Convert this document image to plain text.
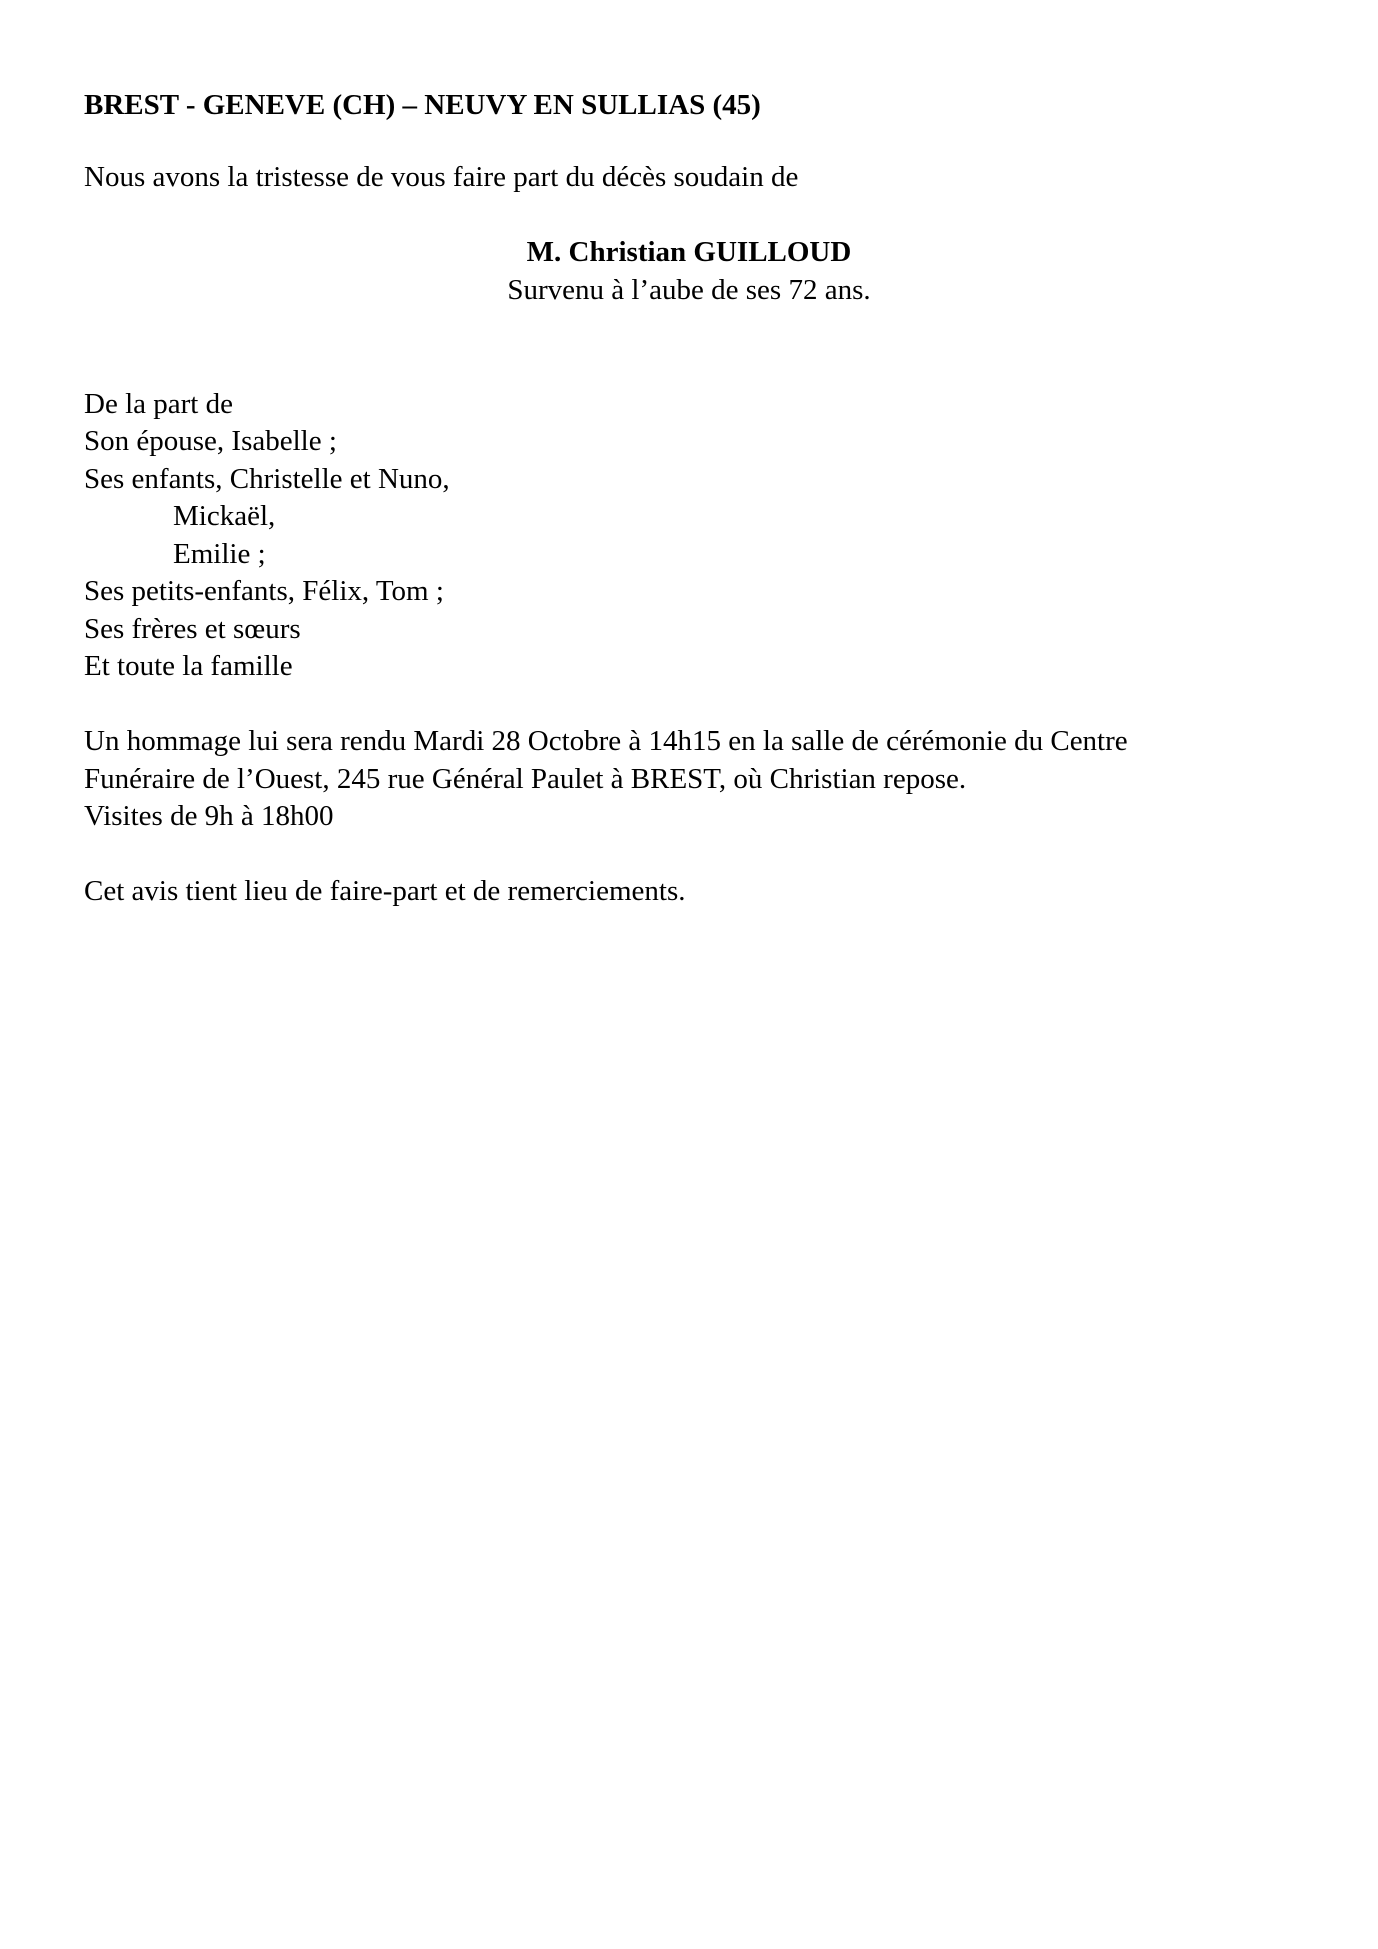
BREST - GENEVE (CH) – NEUVY EN SULLIAS (45)
Nous avons la tristesse de vous faire part du décès soudain de
M. Christian GUILLOUD
Survenu à l’aube de ses 72 ans.
De la part de
Son épouse, Isabelle ;
Ses enfants, Christelle et Nuno,
Mickaël,
Emilie ;
Ses petits-enfants, Félix, Tom ;
Ses frères et sœurs
Et toute la famille
Un hommage lui sera rendu Mardi 28 Octobre à 14h15 en la salle de cérémonie du Centre
Funéraire de l’Ouest, 245 rue Général Paulet à BREST, où Christian repose.
Visites de 9h à 18h00
Cet avis tient lieu de faire-part et de remerciements.
